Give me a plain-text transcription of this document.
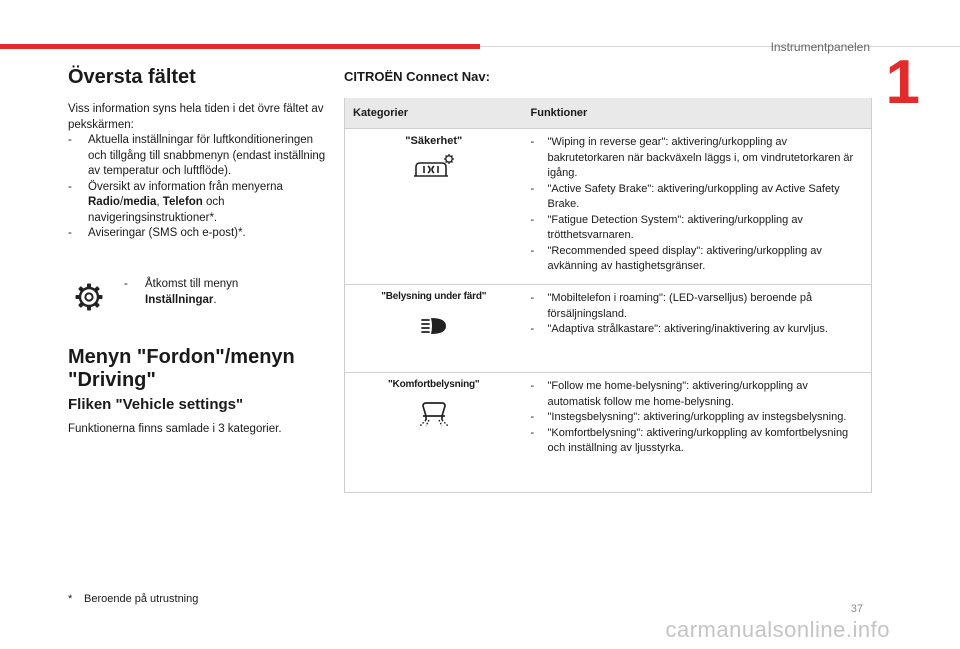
Instrumentpanelen
1
Översta fältet

Viss information syns hela tiden i det övre fältet av pekskärmen:

- Aktuella inställningar för luftkonditioneringen och tillgång till snabbmenyn (endast inställning av temperatur och luftflöde).

- Översikt av information från menyerna Radio/media, Telefon och navigeringsinstruktioner*.

- Aviseringar (SMS och e-post)*.

- Åtkomst till menyn Inställningar.
Menyn "Fordon"/menyn "Driving"
Fliken "Vehicle settings"

Funktionerna finns samlade i 3 kategorier.

* Beroende på utrustning

CITROËN Connect Nav:
Kategorier	Funktioner

"Säkerhet"	- "Wiping in reverse gear": aktivering/urkoppling av bakrutetorkaren när backväxeln läggs i, om vindrutetorkaren är igång.
- "Active Safety Brake": aktivering/urkoppling av Active Safety Brake.
- "Fatigue Detection System": aktivering/urkoppling av trötthetsvarnaren.
- "Recommended speed display": aktivering/urkoppling av avkänning av hastighetsgränser.

"Belysning under färd"	- "Mobiltelefon i roaming": (LED-varselljus) beroende på försäljningsland.
- "Adaptiva strålkastare": aktivering/inaktivering av kurvljus.

"Komfortbelysning"	- "Follow me home-belysning": aktivering/urkoppling av automatisk follow me home-belysning.
- "Instegsbelysning": aktivering/urkoppling av instegsbelysning.
- "Komfortbelysning": aktivering/urkoppling av komfortbelysning och inställning av ljusstyrka.
37
carmanualsonline.info
